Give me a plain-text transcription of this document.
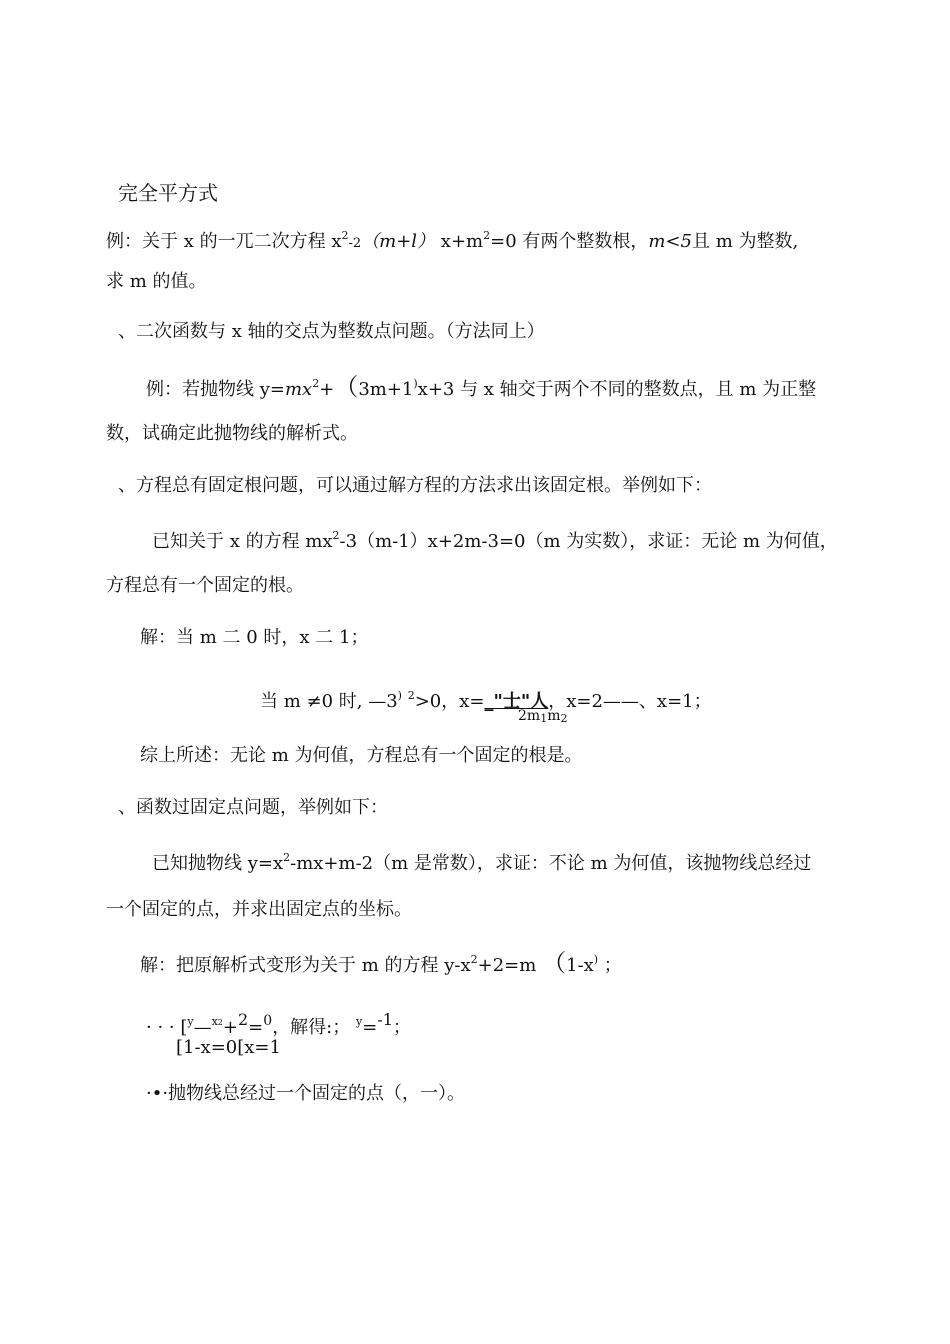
完全平方式
例：关于 x 的一兀二次方程 $x^2-2(m+l)$ $x+m^2=0$ 有两个整数根，m<5且 m 为整数,
求 m 的值。
、二次函数与 x 轴的交点为整数点问题。（方法同上）
例：若抛物线 $y=mx^2+(3m+1^)x+3$ 与 x 轴交于两个不同的整数点，且 m 为正整
数，试确定此抛物线的解析式。
、方程总有固定根问题，可以通过解方程的方法求出该固定根。举例如下：
已知关于 x 的方程 $mx^2-3(m-1)x+2m-3=0(m$ 为实数），求证：无论 m 为何值，
方程总有一个固定的根。
解：当 m 二 0 时，x 二 1；
当 m ≠0 时, —3) $^2$>0，x=_"士"人，x=2——、x=1；
2m1m2
综上所述：无论 m 为何值，方程总有一个固定的根是。
、函数过固定点问题，举例如下：
已知抛物线 $y=x^2-mx+m-2(m$ 是常数），求证：不论 m 为何值，该抛物线总经过
一个固定的点，并求出固定点的坐标。
解：把原解析式变形为关于 m 的方程 $y-x^2+2=m$ （1-x) ；
· · · [$^y$—$^{x2}$+2=$^0$，解得:； $^y$=-1；
[1-x=0[x=1
·•·抛物线总经过一个固定的点（，一）。
